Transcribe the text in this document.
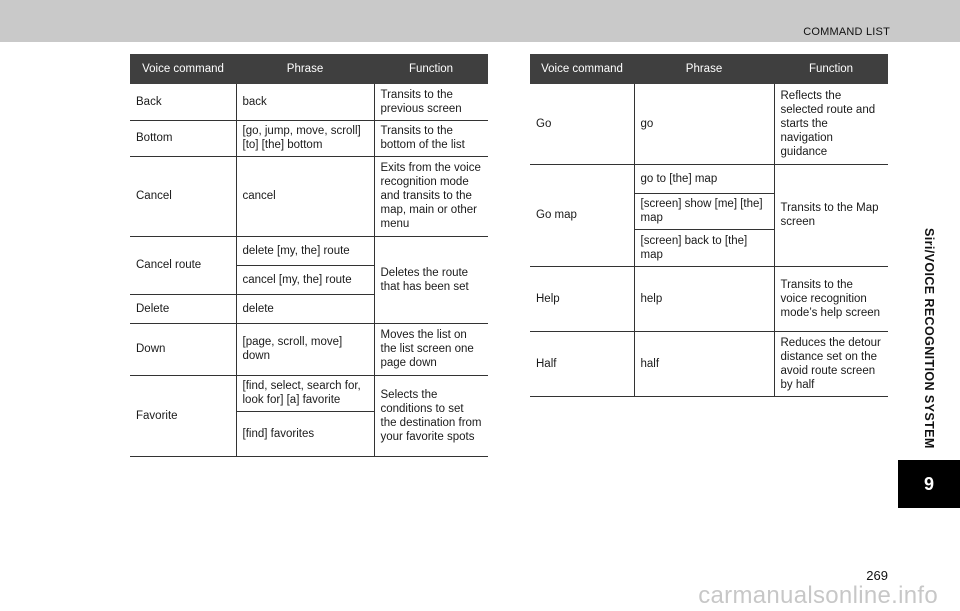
COMMAND LIST
Voice command	Phrase	Function
Back	back	Transits to the previous screen
Bottom	[go, jump, move, scroll] [to] [the] bottom	Transits to the bottom of the list
Cancel	cancel	Exits from the voice recognition mode and transits to the map, main or other menu
Cancel route	delete [my, the] route	Deletes the route that has been set
	cancel [my, the] route	
Delete	delete	
Down	[page, scroll, move] down	Moves the list on the list screen one page down
Favorite	[find, select, search for, look for] [a] favorite	Selects the conditions to set the destination from your favorite spots
	[find] favorites	
Voice command	Phrase	Function
Go	go	Reflects the selected route and starts the navigation guidance
Go map	go to [the] map	Transits to the Map screen
	[screen] show [me] [the] map	
	[screen] back to [the] map	
Help	help	Transits to the voice recognition mode’s help screen
Half	half	Reduces the detour distance set on the avoid route screen by half	Siri/VOICE RECOGNITION SYSTEM
9
269
carmanualsonline.info
